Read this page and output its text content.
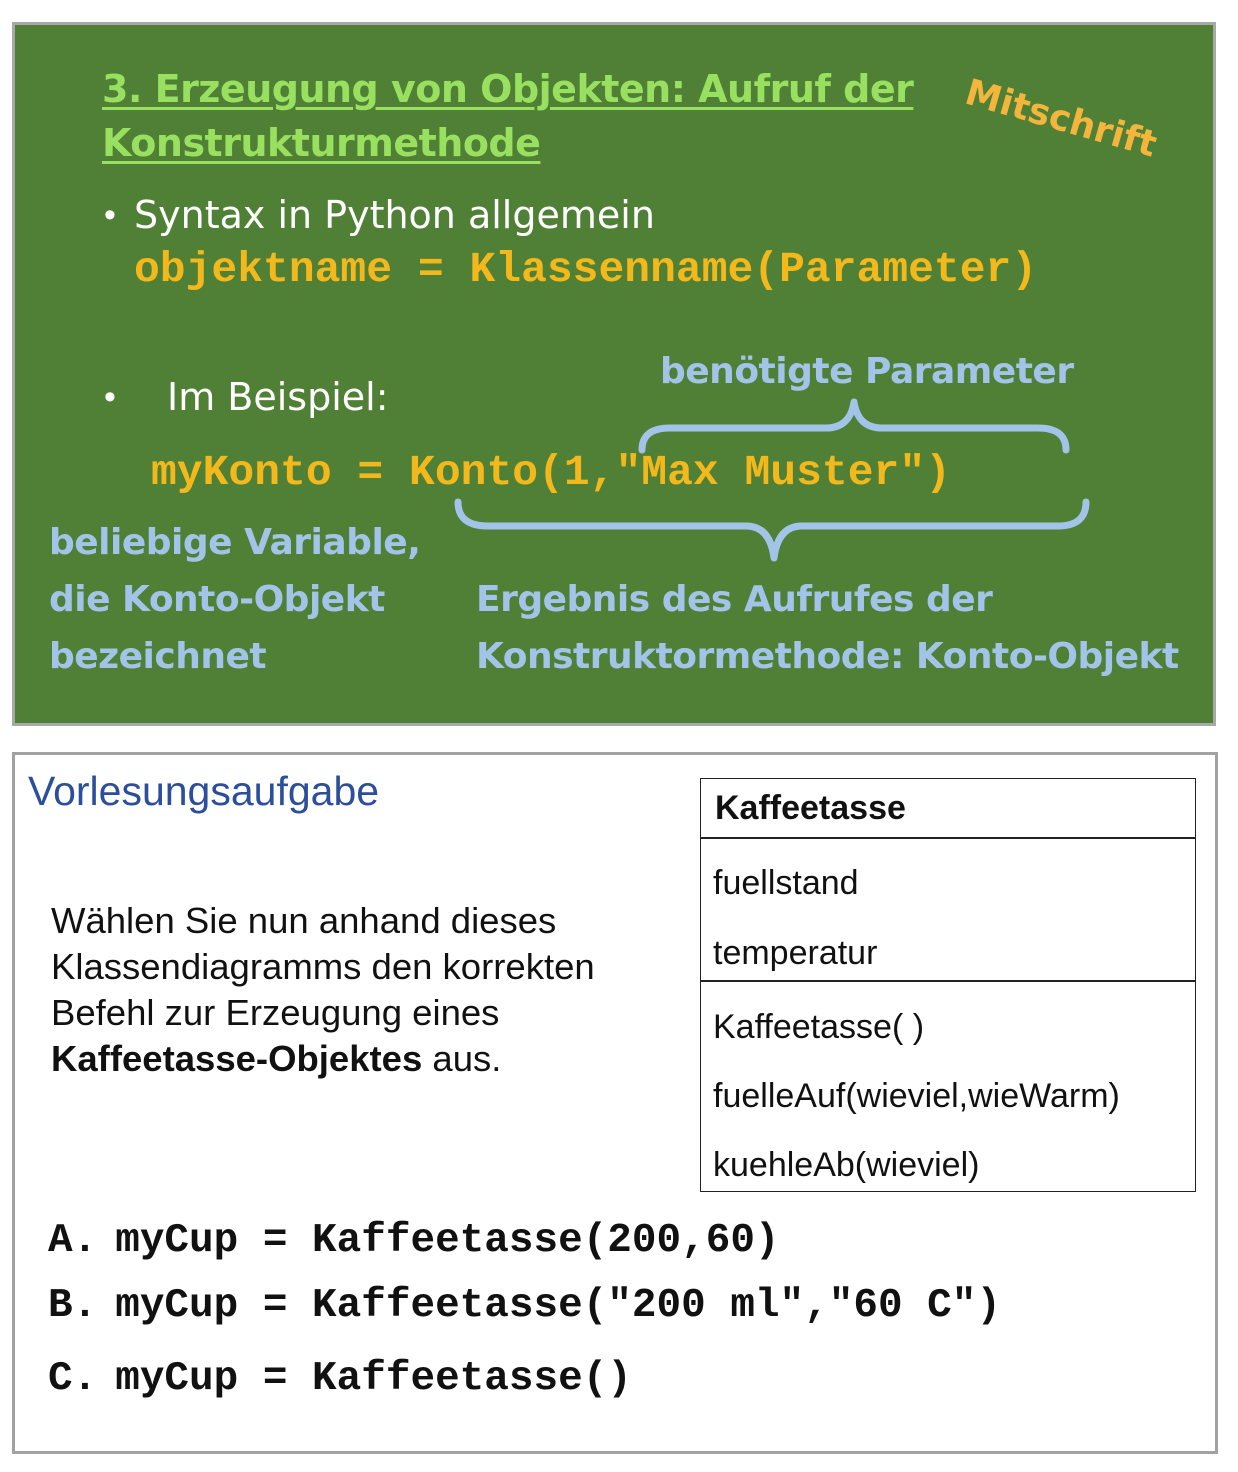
3. Erzeugung von Objekten: Aufruf der
Konstrukturmethode	Mitschrift
• Syntax in Python allgemein
objektname = Klassenname(Parameter)
benötigte Parameter
• Im Beispiel:
myKonto = Konto(1,"Max Muster")
beliebige Variable,
die Konto-Objekt
bezeichnet
Ergebnis des Aufrufes der
Konstruktormethode: Konto-Objekt
Vorlesungsaufgabe
Wählen Sie nun anhand dieses
Klassendiagramms den korrekten
Befehl zur Erzeugung eines
Kaffeetasse-Objektes aus.
Kaffeetasse
fuellstand
temperatur
Kaffeetasse( )
fuelleAuf(wieviel,wieWarm)
kuehleAb(wieviel)
A. myCup = Kaffeetasse(200,60)
B. myCup = Kaffeetasse("200 ml","60 C")
C. myCup = Kaffeetasse()
